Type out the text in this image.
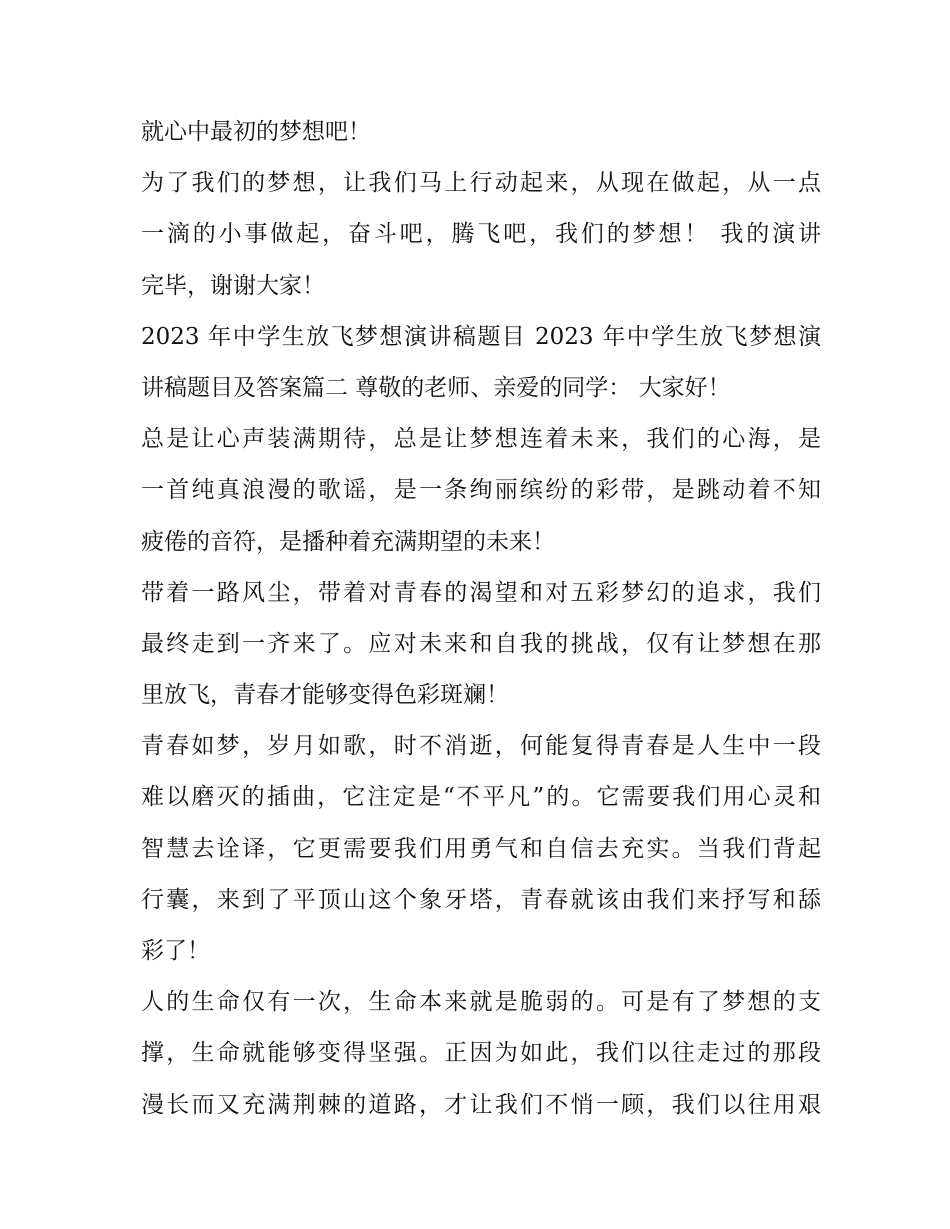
就心中最初的梦想吧！
为了我们的梦想，让我们马上行动起来，从现在做起，从一点
一滴的小事做起，奋斗吧，腾飞吧，我们的梦想！ 我的演讲
完毕，谢谢大家！
2023 年中学生放飞梦想演讲稿题目 2023 年中学生放飞梦想演
讲稿题目及答案篇二 尊敬的老师、亲爱的同学： 大家好！
总是让心声装满期待，总是让梦想连着未来，我们的心海，是
一首纯真浪漫的歌谣，是一条绚丽缤纷的彩带，是跳动着不知
疲倦的音符，是播种着充满期望的未来！
带着一路风尘，带着对青春的渴望和对五彩梦幻的追求，我们
最终走到一齐来了。应对未来和自我的挑战，仅有让梦想在那
里放飞，青春才能够变得色彩斑斓！
青春如梦，岁月如歌，时不消逝，何能复得青春是人生中一段
难以磨灭的插曲，它注定是“不平凡”的。它需要我们用心灵和
智慧去诠译，它更需要我们用勇气和自信去充实。当我们背起
行囊，来到了平顶山这个象牙塔，青春就该由我们来抒写和舔
彩了！
人的生命仅有一次，生命本来就是脆弱的。可是有了梦想的支
撑，生命就能够变得坚强。正因为如此，我们以往走过的那段
漫长而又充满荆棘的道路，才让我们不悄一顾，我们以往用艰
